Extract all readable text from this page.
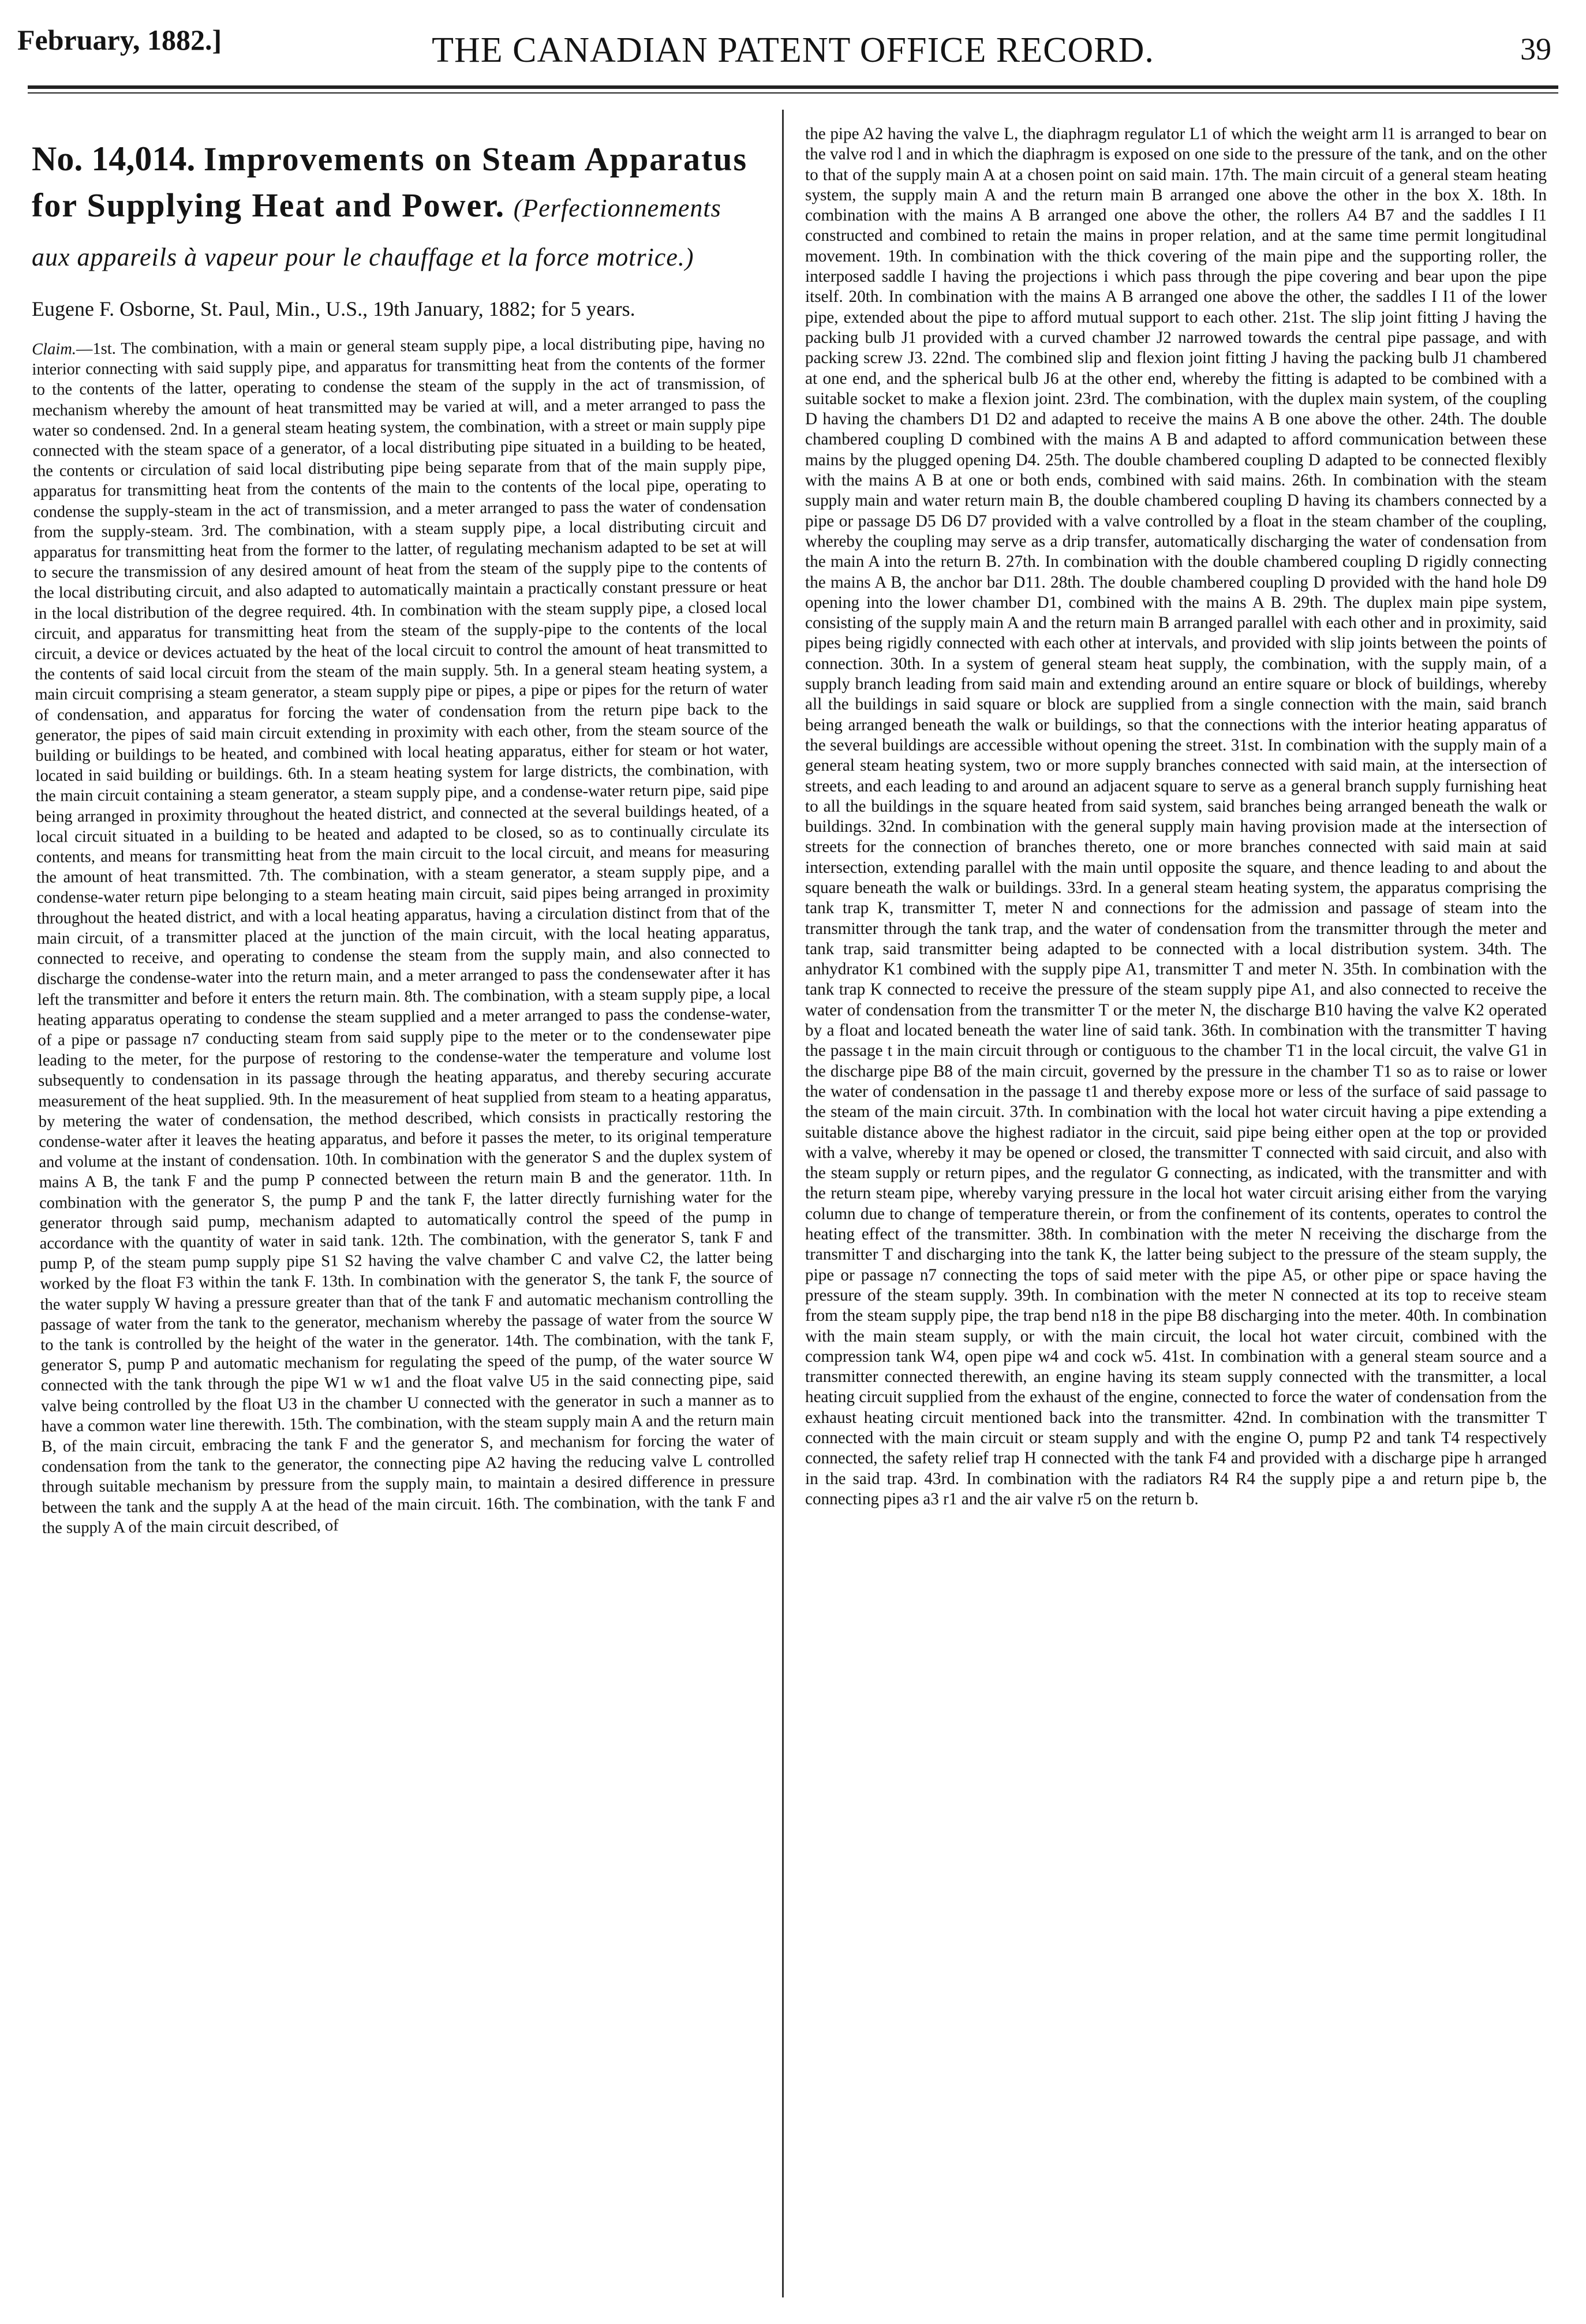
February, 1882.]	THE CANADIAN PATENT OFFICE RECORD.	39
No. 14,014. Improvements on Steam Apparatus for Supplying Heat and Power. (Perfectionnements aux appareils à vapeur pour le chauffage et la force motrice.)
Eugene F. Osborne, St. Paul, Min., U.S., 19th January, 1882; for 5 years.

Claim.—1st. The combination, with a main or general steam supply pipe, a local distributing pipe, having no interior connecting with said supply pipe, and apparatus for transmitting heat from the contents of the former to the contents of the latter, operating to condense the steam of the supply in the act of transmission, of mechanism whereby the amount of heat transmitted may be varied at will, and a meter arranged to pass the water so condensed. 2nd. In a general steam heating system, the combination, with a street or main supply pipe connected with the steam space of a generator, of a local distributing pipe situated in a building to be heated, the contents or circulation of said local distributing pipe being separate from that of the main supply pipe, apparatus for transmitting heat from the contents of the main to the contents of the local pipe, operating to condense the supply-steam in the act of transmission, and a meter arranged to pass the water of condensation from the supply-steam. 3rd. The combination, with a steam supply pipe, a local distributing circuit and apparatus for transmitting heat from the former to the latter, of regulating mechanism adapted to be set at will to secure the transmission of any desired amount of heat from the steam of the supply pipe to the contents of the local distributing circuit, and also adapted to automatically maintain a practically constant pressure or heat in the local distribution of the degree required. 4th. In combination with the steam supply pipe, a closed local circuit, and apparatus for transmitting heat from the steam of the supply-pipe to the contents of the local circuit, a device or devices actuated by the heat of the local circuit to control the amount of heat transmitted to the contents of said local circuit from the steam of the main supply. 5th. In a general steam heating system, a main circuit comprising a steam generator, a steam supply pipe or pipes, a pipe or pipes for the return of water of condensation, and apparatus for forcing the water of condensation from the return pipe back to the generator, the pipes of said main circuit extending in proximity with each other, from the steam source of the building or buildings to be heated, and combined with local heating apparatus, either for steam or hot water, located in said building or buildings. 6th. In a steam heating system for large districts, the combination, with the main circuit containing a steam generator, a steam supply pipe, and a condense-water return pipe, said pipe being arranged in proximity throughout the heated district, and connected at the several buildings heated, of a local circuit situated in a building to be heated and adapted to be closed, so as to continually circulate its contents, and means for transmitting heat from the main circuit to the local circuit, and means for measuring the amount of heat transmitted. 7th. The combination, with a steam generator, a steam supply pipe, and a condense-water return pipe belonging to a steam heating main circuit, said pipes being arranged in proximity throughout the heated district, and with a local heating apparatus, having a circulation distinct from that of the main circuit, of a transmitter placed at the junction of the main circuit, with the local heating apparatus, connected to receive, and operating to condense the steam from the supply main, and also connected to discharge the condense-water into the return main, and a meter arranged to pass the condensewater after it has left the transmitter and before it enters the return main. 8th. The combination, with a steam supply pipe, a local heating apparatus operating to condense the steam supplied and a meter arranged to pass the condense-water, of a pipe or passage n7 conducting steam from said supply pipe to the meter or to the condensewater pipe leading to the meter, for the purpose of restoring to the condense-water the temperature and volume lost subsequently to condensation in its passage through the heating apparatus, and thereby securing accurate measurement of the heat supplied. 9th. In the measurement of heat supplied from steam to a heating apparatus, by metering the water of condensation, the method described, which consists in practically restoring the condense-water after it leaves the heating apparatus, and before it passes the meter, to its original temperature and volume at the instant of condensation. 10th. In combination with the generator S and the duplex system of mains A B, the tank F and the pump P connected between the return main B and the generator. 11th. In combination with the generator S, the pump P and the tank F, the latter directly furnishing water for the generator through said pump, mechanism adapted to automatically control the speed of the pump in accordance with the quantity of water in said tank. 12th. The combination, with the generator S, tank F and pump P, of the steam pump supply pipe S1 S2 having the valve chamber C and valve C2, the latter being worked by the float F3 within the tank F. 13th. In combination with the generator S, the tank F, the source of the water supply W having a pressure greater than that of the tank F and automatic mechanism controlling the passage of water from the tank to the generator, mechanism whereby the passage of water from the source W to the tank is controlled by the height of the water in the generator. 14th. The combination, with the tank F, generator S, pump P and automatic mechanism for regulating the speed of the pump, of the water source W connected with the tank through the pipe W1 w w1 and the float valve U5 in the said connecting pipe, said valve being controlled by the float U3 in the chamber U connected with the generator in such a manner as to have a common water line therewith. 15th. The combination, with the steam supply main A and the return main B, of the main circuit, embracing the tank F and the generator S, and mechanism for forcing the water of condensation from the tank to the generator, the connecting pipe A2 having the reducing valve L controlled through suitable mechanism by pressure from the supply main, to maintain a desired difference in pressure between the tank and the supply A at the head of the main circuit. 16th. The combination, with the tank F and the supply A of the main circuit described, of

the pipe A2 having the valve L, the diaphragm regulator L1 of which the weight arm l1 is arranged to bear on the valve rod l and in which the diaphragm is exposed on one side to the pressure of the tank, and on the other to that of the supply main A at a chosen point on said main. 17th. The main circuit of a general steam heating system, the supply main A and the return main B arranged one above the other in the box X. 18th. In combination with the mains A B arranged one above the other, the rollers A4 B7 and the saddles I I1 constructed and combined to retain the mains in proper relation, and at the same time permit longitudinal movement. 19th. In combination with the thick covering of the main pipe and the supporting roller, the interposed saddle I having the projections i which pass through the pipe covering and bear upon the pipe itself. 20th. In combination with the mains A B arranged one above the other, the saddles I I1 of the lower pipe, extended about the pipe to afford mutual support to each other. 21st. The slip joint fitting J having the packing bulb J1 provided with a curved chamber J2 narrowed towards the central pipe passage, and with packing screw J3. 22nd. The combined slip and flexion joint fitting J having the packing bulb J1 chambered at one end, and the spherical bulb J6 at the other end, whereby the fitting is adapted to be combined with a suitable socket to make a flexion joint. 23rd. The combination, with the duplex main system, of the coupling D having the chambers D1 D2 and adapted to receive the mains A B one above the other. 24th. The double chambered coupling D combined with the mains A B and adapted to afford communication between these mains by the plugged opening D4. 25th. The double chambered coupling D adapted to be connected flexibly with the mains A B at one or both ends, combined with said mains. 26th. In combination with the steam supply main and water return main B, the double chambered coupling D having its chambers connected by a pipe or passage D5 D6 D7 provided with a valve controlled by a float in the steam chamber of the coupling, whereby the coupling may serve as a drip transfer, automatically discharging the water of condensation from the main A into the return B. 27th. In combination with the double chambered coupling D rigidly connecting the mains A B, the anchor bar D11. 28th. The double chambered coupling D provided with the hand hole D9 opening into the lower chamber D1, combined with the mains A B. 29th. The duplex main pipe system, consisting of the supply main A and the return main B arranged parallel with each other and in proximity, said pipes being rigidly connected with each other at intervals, and provided with slip joints between the points of connection. 30th. In a system of general steam heat supply, the combination, with the supply main, of a supply branch leading from said main and extending around an entire square or block of buildings, whereby all the buildings in said square or block are supplied from a single connection with the main, said branch being arranged beneath the walk or buildings, so that the connections with the interior heating apparatus of the several buildings are accessible without opening the street. 31st. In combination with the supply main of a general steam heating system, two or more supply branches connected with said main, at the intersection of streets, and each leading to and around an adjacent square to serve as a general branch supply furnishing heat to all the buildings in the square heated from said system, said branches being arranged beneath the walk or buildings. 32nd. In combination with the general supply main having provision made at the intersection of streets for the connection of branches thereto, one or more branches connected with said main at said intersection, extending parallel with the main until opposite the square, and thence leading to and about the square beneath the walk or buildings. 33rd. In a general steam heating system, the apparatus comprising the tank trap K, transmitter T, meter N and connections for the admission and passage of steam into the transmitter through the tank trap, and the water of condensation from the transmitter through the meter and tank trap, said transmitter being adapted to be connected with a local distribution system. 34th. The anhydrator K1 combined with the supply pipe A1, transmitter T and meter N. 35th. In combination with the tank trap K connected to receive the pressure of the steam supply pipe A1, and also connected to receive the water of condensation from the transmitter T or the meter N, the discharge B10 having the valve K2 operated by a float and located beneath the water line of said tank. 36th. In combination with the transmitter T having the passage t in the main circuit through or contiguous to the chamber T1 in the local circuit, the valve G1 in the discharge pipe B8 of the main circuit, governed by the pressure in the chamber T1 so as to raise or lower the water of condensation in the passage t1 and thereby expose more or less of the surface of said passage to the steam of the main circuit. 37th. In combination with the local hot water circuit having a pipe extending a suitable distance above the highest radiator in the circuit, said pipe being either open at the top or provided with a valve, whereby it may be opened or closed, the transmitter T connected with said circuit, and also with the steam supply or return pipes, and the regulator G connecting, as indicated, with the transmitter and with the return steam pipe, whereby varying pressure in the local hot water circuit arising either from the varying column due to change of temperature therein, or from the confinement of its contents, operates to control the heating effect of the transmitter. 38th. In combination with the meter N receiving the discharge from the transmitter T and discharging into the tank K, the latter being subject to the pressure of the steam supply, the pipe or passage n7 connecting the tops of said meter with the pipe A5, or other pipe or space having the pressure of the steam supply. 39th. In combination with the meter N connected at its top to receive steam from the steam supply pipe, the trap bend n18 in the pipe B8 discharging into the meter. 40th. In combination with the main steam supply, or with the main circuit, the local hot water circuit, combined with the compression tank W4, open pipe w4 and cock w5. 41st. In combination with a general steam source and a transmitter connected therewith, an engine having its steam supply connected with the transmitter, a local heating circuit supplied from the exhaust of the engine, connected to force the water of condensation from the exhaust heating circuit mentioned back into the transmitter. 42nd. In combination with the transmitter T connected with the main circuit or steam supply and with the engine O, pump P2 and tank T4 respectively connected, the safety relief trap H connected with the tank F4 and provided with a discharge pipe h arranged in the said trap. 43rd. In combination with the radiators R4 R4 the supply pipe a and return pipe b, the connecting pipes a3 r1 and the air valve r5 on the return b.
